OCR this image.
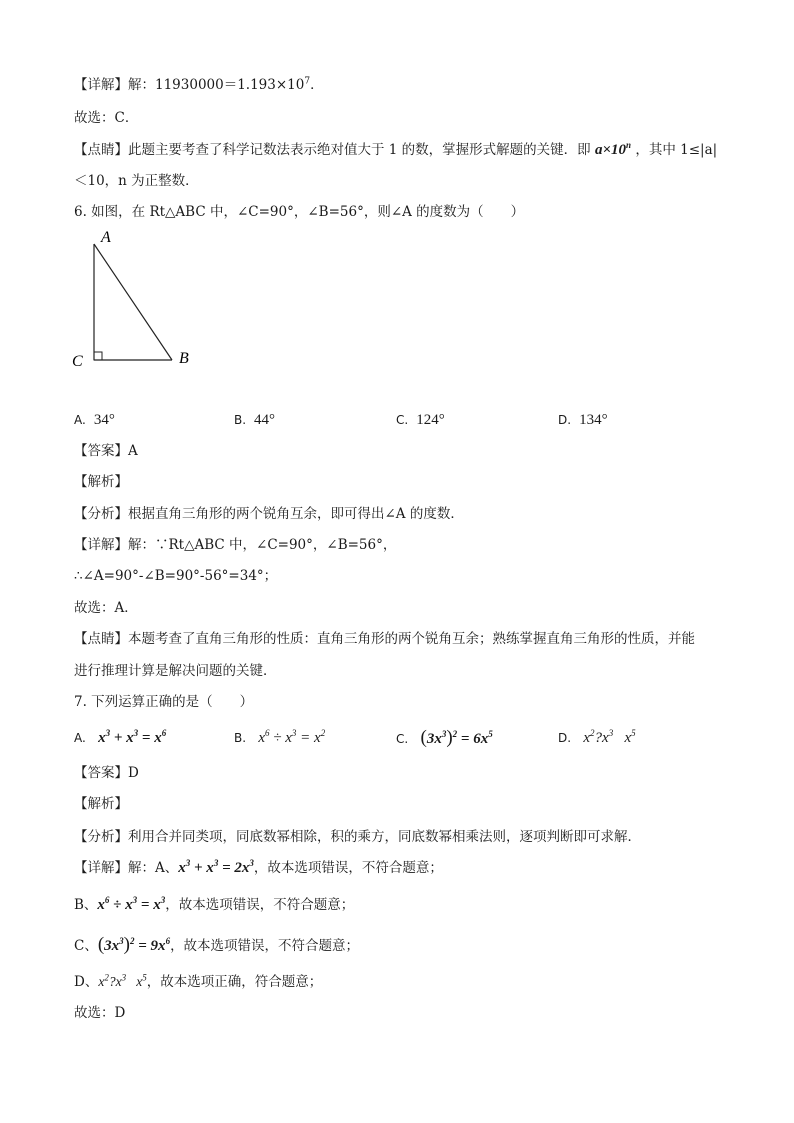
【详解】解：$11930000=1.193\times 10^7$．
故选：C．
【点睛】此题主要考查了科学记数法表示绝对值大于 1 的数，掌握形式解题的关键．即 $a\times 10^n$ ，其中 1≤|a|
＜10，n 为正整数．
6. 如图，在 Rt△ABC 中，∠C=90°，∠B=56°，则∠A 的度数为（　　）
A
C	B
A. 34°	B. 44°	C. 124°	D. 134°
【答案】A
【解析】
【分析】根据直角三角形的两个锐角互余，即可得出∠A 的度数．
【详解】解：∵Rt△ABC 中，∠C=90°，∠B=56°，
∴∠A=90°-∠B=90°-56°=34°；
故选：A．
【点睛】本题考查了直角三角形的性质：直角三角形的两个锐角互余；熟练掌握直角三角形的性质，并能
进行推理计算是解决问题的关键．
7. 下列运算正确的是（　　）
A. $x^3 + x^3 = x^6$	B. $x^6 \div x^3 = x^2$	C. $(3x^3)^2 = 6x^5$	D. $x^2?x^3$   $x^5$
【答案】D
【解析】
【分析】利用合并同类项，同底数幂相除，积的乘方，同底数幂相乘法则，逐项判断即可求解．
【详解】解：A、$x^3 + x^3 = 2x^3$，故本选项错误，不符合题意；
B、$x^6 \div x^3 = x^3$，故本选项错误，不符合题意；
C、$(3x^3)^2 = 9x^6$，故本选项错误，不符合题意；
D、$x^2?x^3$   $x^5$，故本选项正确，符合题意；
故选：D
